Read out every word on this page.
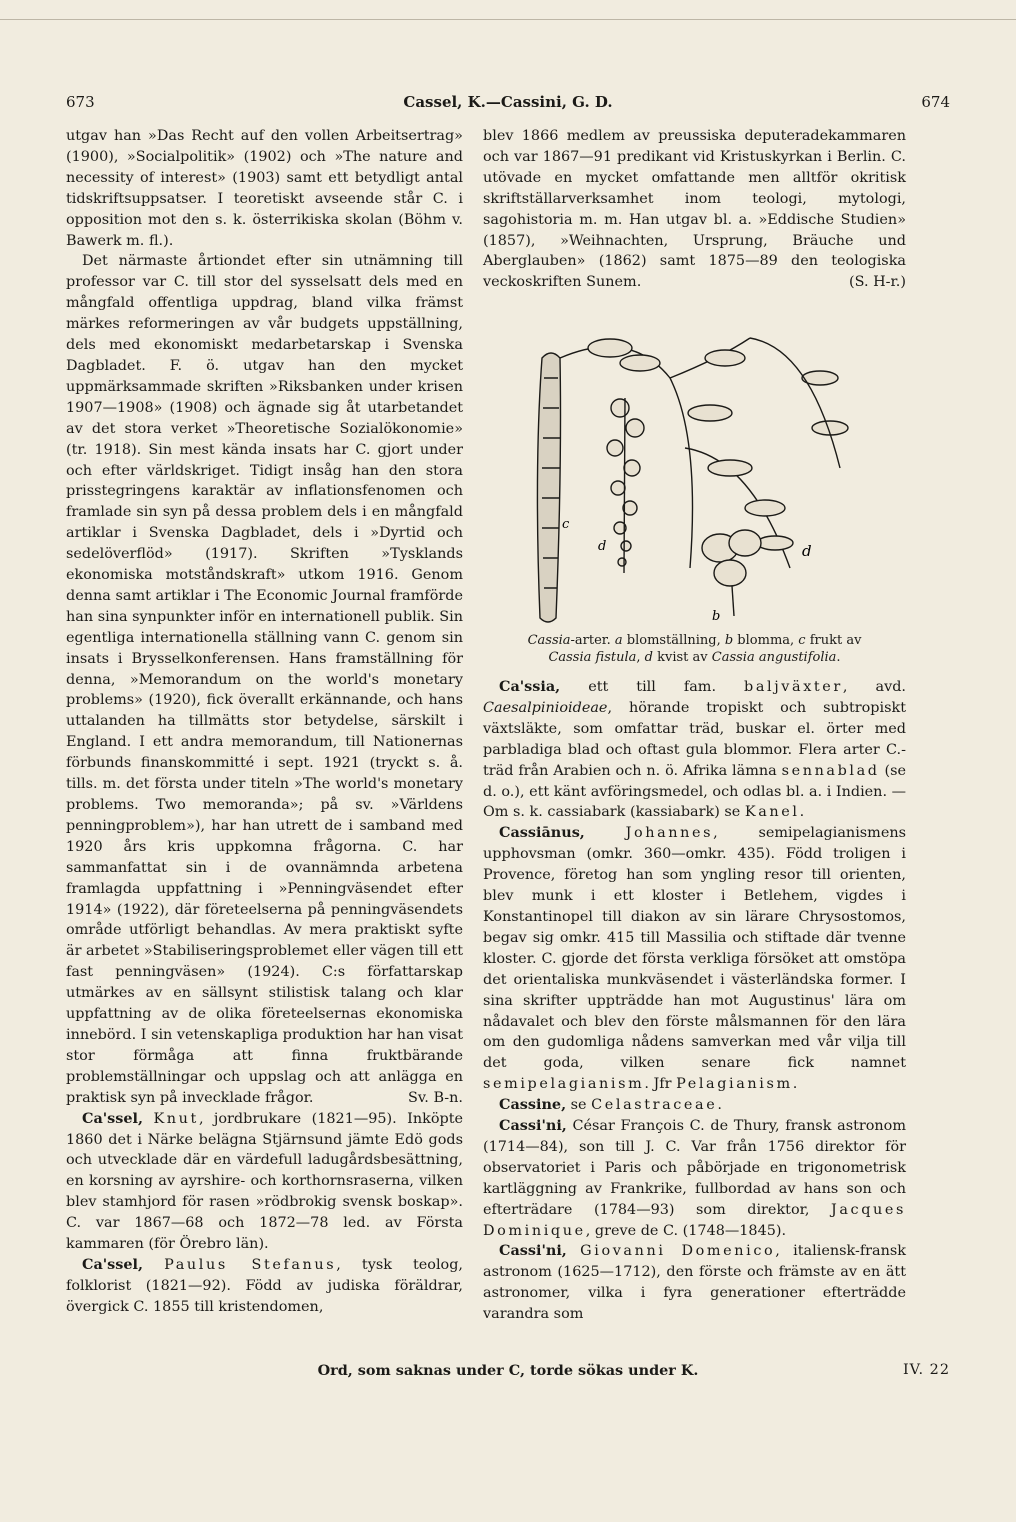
673	Cassel, K.—Cassini, G. D.	674

utgav han »Das Recht auf den vollen Arbeitsertrag» (1900), »Socialpolitik» (1902) och »The nature and necessity of interest» (1903) samt ett betydligt antal tidskriftsuppsatser. I teoretiskt avseende står C. i opposition mot den s. k. österrikiska skolan (Böhm v. Bawerk m. fl.).

Det närmaste årtiondet efter sin utnämning till professor var C. till stor del sysselsatt dels med en mångfald offentliga uppdrag, bland vilka främst märkes reformeringen av vår budgets uppställning, dels med ekonomiskt medarbetarskap i Svenska Dagbladet. F. ö. utgav han den mycket uppmärksammade skriften »Riksbanken under krisen 1907—1908» (1908) och ägnade sig åt utarbetandet av det stora verket »Theoretische Sozialökonomie» (tr. 1918). Sin mest kända insats har C. gjort under och efter världskriget. Tidigt insåg han den stora prisstegringens karaktär av inflationsfenomen och framlade sin syn på dessa problem dels i en mångfald artiklar i Svenska Dagbladet, dels i »Dyrtid och sedelöverflöd» (1917). Skriften »Tysklands ekonomiska motståndskraft» utkom 1916. Genom denna samt artiklar i The Economic Journal framförde han sina synpunkter inför en internationell publik. Sin egentliga internationella ställning vann C. genom sin insats i Brysselkonferensen. Hans framställning för denna, »Memorandum on the world's monetary problems» (1920), fick överallt erkännande, och hans uttalanden ha tillmätts stor betydelse, särskilt i England. I ett andra memorandum, till Nationernas förbunds finanskommitté i sept. 1921 (tryckt s. å. tills. m. det första under titeln »The world's monetary problems. Two memoranda»; på sv. »Världens penningproblem»), har han utrett de i samband med 1920 års kris uppkomna frågorna. C. har sammanfattat sin i de ovannämnda arbetena framlagda uppfattning i »Penningväsendet efter 1914» (1922), där företeelserna på penningväsendets område utförligt behandlas. Av mera praktiskt syfte är arbetet »Stabiliseringsproblemet eller vägen till ett fast penningväsen» (1924). C:s författarskap utmärkes av en sällsynt stilistisk talang och klar uppfattning av de olika företeelsernas ekonomiska innebörd. I sin vetenskapliga produktion har han visat stor förmåga att finna fruktbärande problemställningar och uppslag och att anlägga en praktisk syn på invecklade frågor.	Sv. B-n.

Ca'ssel, Knut, jordbrukare (1821—95). Inköpte 1860 det i Närke belägna Stjärnsund jämte Edö gods och utvecklade där en värdefull ladugårdsbesättning, en korsning av ayrshire- och korthornsraserna, vilken blev stamhjord för rasen »rödbrokig svensk boskap». C. var 1867—68 och 1872—78 led. av Första kammaren (för Örebro län).

Ca'ssel, Paulus Stefanus, tysk teolog, folklorist (1821—92). Född av judiska föräldrar, övergick C. 1855 till kristendomen,

blev 1866 medlem av preussiska deputeradekammaren och var 1867—91 predikant vid Kristuskyrkan i Berlin. C. utövade en mycket omfattande men alltför okritisk skriftställarverksamhet inom teologi, mytologi, sagohistoria m. m. Han utgav bl. a. »Eddische Studien» (1857), »Weihnachten, Ursprung, Bräuche und Aberglauben» (1862) samt 1875—89 den teologiska veckoskriften Sunem.	(S. H-r.)

c
d	d
b
Cassia-arter. a blomställning, b blomma, c frukt av
Cassia fistula, d kvist av Cassia angustifolia.

Ca'ssia, ett till fam. baljväxter, avd. Caesalpinioideae, hörande tropiskt och subtropiskt växtsläkte, som omfattar träd, buskar el. örter med parbladiga blad och oftast gula blommor. Flera arter C.-träd från Arabien och n. ö. Afrika lämna sennablad (se d. o.), ett känt avföringsmedel, och odlas bl. a. i Indien. — Om s. k. cassiabark (kassiabark) se Kanel.

Cassiānus,	Johannes, semipelagianismens upphovsman (omkr. 360—omkr. 435). Född troligen i Provence, företog han som yngling resor till orienten, blev munk i ett kloster i Betlehem, vigdes i Konstantinopel till diakon av sin lärare Chrysostomos, begav sig omkr. 415 till Massilia och stiftade där tvenne kloster. C. gjorde det första verkliga försöket att omstöpa det orientaliska munkväsendet i västerländska former. I sina skrifter uppträdde han mot Augustinus' lära om nådavalet och blev den förste målsmannen för den lära om den gudomliga nådens samverkan med vår vilja till det goda, vilken senare fick namnet semipelagianism. Jfr Pelagianism.

Cassine, se Celastraceae.

Cassi'ni, César François C. de Thury, fransk astronom (1714—84), son till J. C. Var från 1756 direktor för observatoriet i Paris och påbörjade en trigonometrisk kartläggning av Frankrike, fullbordad av hans son och efterträdare (1784—93) som direktor, Jacques Dominique, greve de C. (1748—1845).

Cassi'ni, Giovanni Domenico, italiensk-fransk astronom (1625—1712), den förste och främste av en ätt astronomer, vilka i fyra generationer efterträdde varandra som

Ord, som saknas under C, torde sökas under K.	IV. 22
